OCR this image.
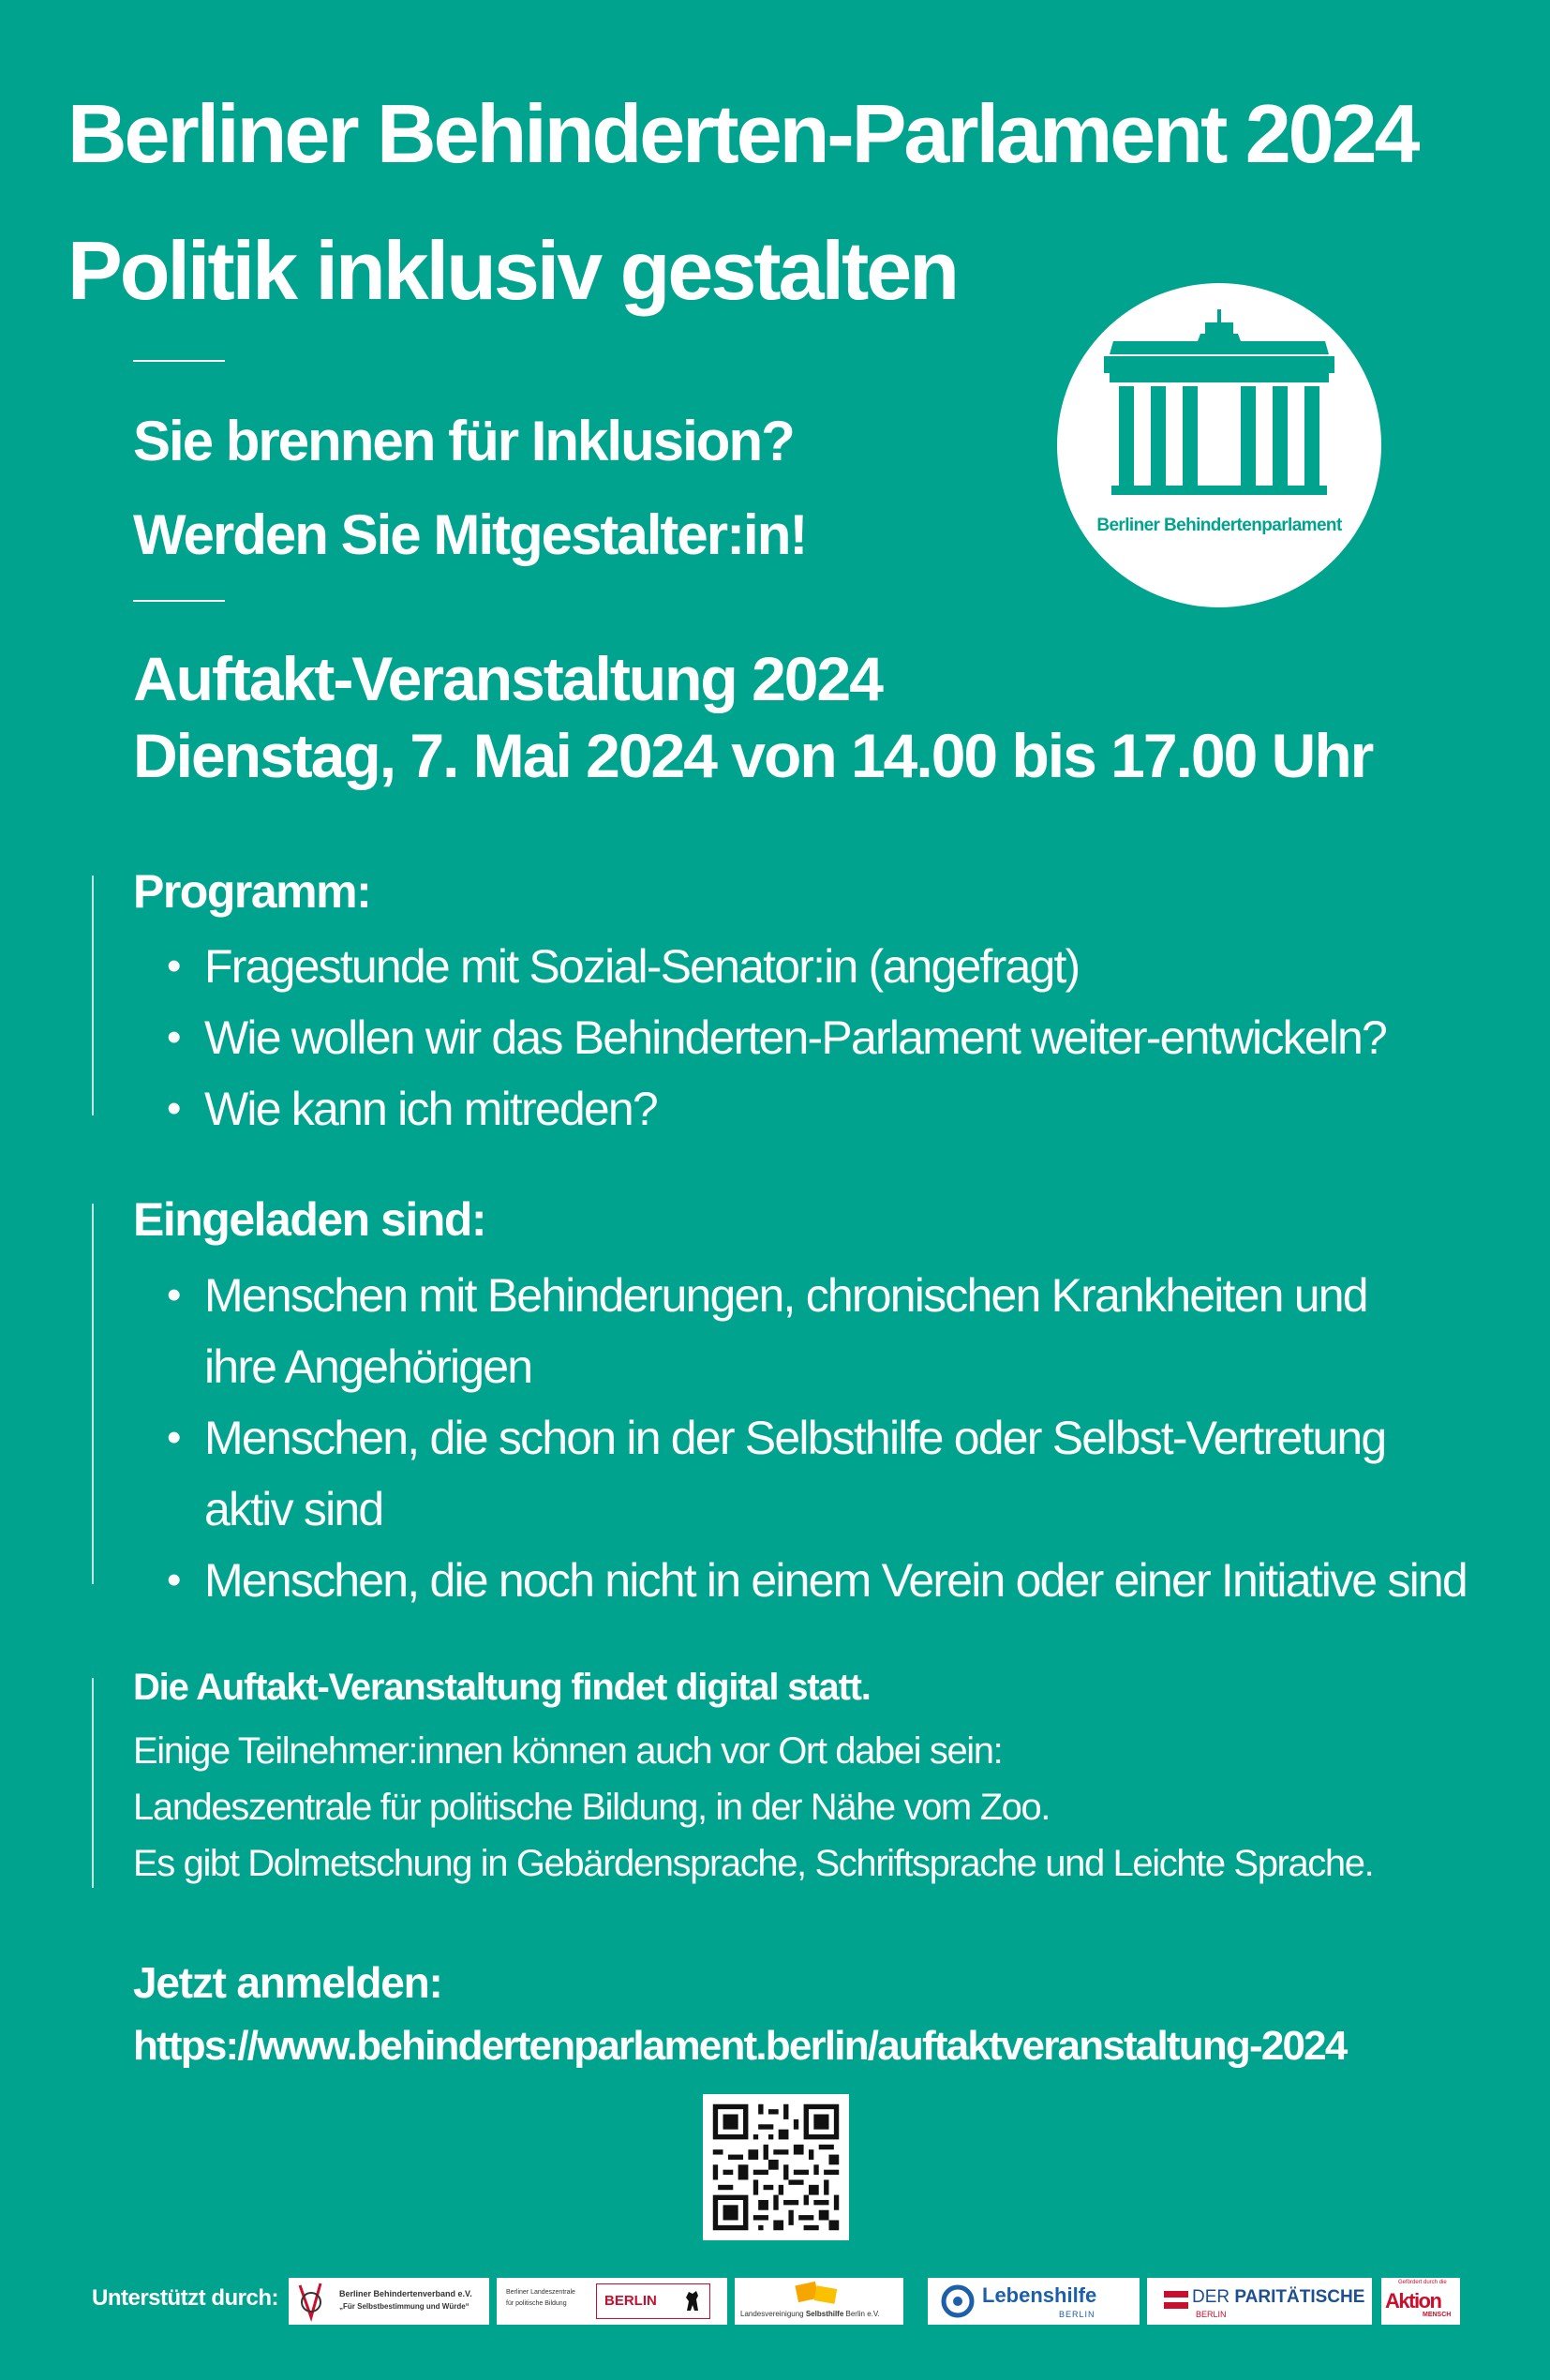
Berliner Behinderten-Parlament 2024
Politik inklusiv gestalten
Berliner Behindertenparlament
Sie brennen für Inklusion?
Werden Sie Mitgestalter:in!
Auftakt-Veranstaltung 2024
Dienstag, 7. Mai 2024 von 14.00 bis 17.00 Uhr
Programm:
• Fragestunde mit Sozial-Senator:in (angefragt)
• Wie wollen wir das Behinderten-Parlament weiter-entwickeln?
• Wie kann ich mitreden?
Eingeladen sind:
• Menschen mit Behinderungen, chronischen Krankheiten und
ihre Angehörigen
• Menschen, die schon in der Selbsthilfe oder Selbst-Vertretung
aktiv sind
• Menschen, die noch nicht in einem Verein oder einer Initiative sind
Die Auftakt-Veranstaltung findet digital statt.
Einige Teilnehmer:innen können auch vor Ort dabei sein:
Landeszentrale für politische Bildung, in der Nähe vom Zoo.
Es gibt Dolmetschung in Gebärdensprache, Schriftsprache und Leichte Sprache.
Jetzt anmelden:
https://www.behindertenparlament.berlin/auftaktveranstaltung-2024
Unterstützt durch:	Berliner Behindertenverband e.V.
„Für Selbstbestimmung und Würde“
Berliner Landeszentrale
für politische Bildung	BERLIN
Landesvereinigung Selbsthilfe Berlin e.V.
Lebenshilfe
BERLIN
DER PARITÄTISCHE
BERLIN
Gefördert durch die
Aktion
MENSCH
